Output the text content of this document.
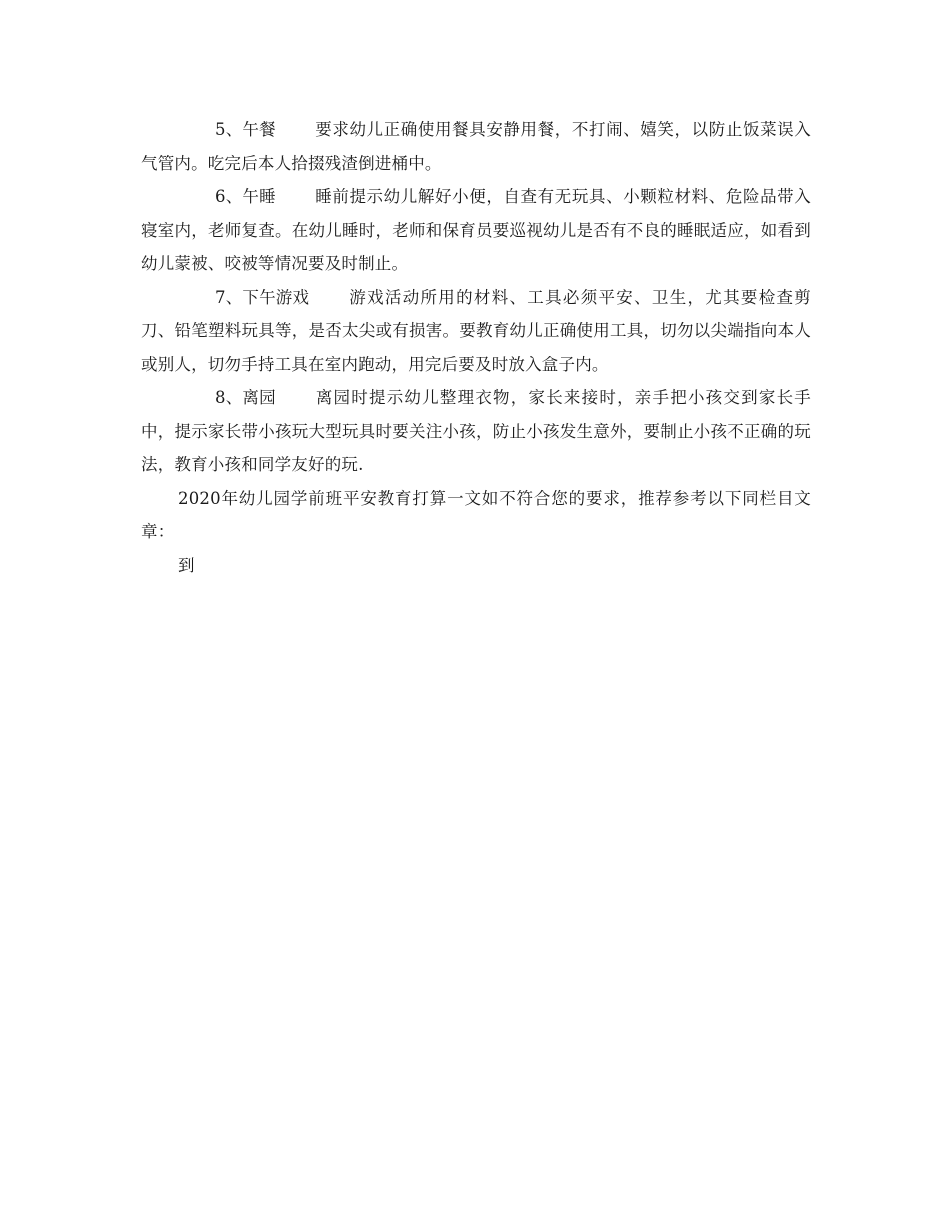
5、午餐 要求幼儿正确使用餐具安静用餐，不打闹、嬉笑，以防止饭菜误入气管内。吃完后本人拾掇残渣倒进桶中。

6、午睡 睡前提示幼儿解好小便，自查有无玩具、小颗粒材料、危险品带入寝室内，老师复查。在幼儿睡时，老师和保育员要巡视幼儿是否有不良的睡眠适应，如看到幼儿蒙被、咬被等情况要及时制止。

7、下午游戏 游戏活动所用的材料、工具必须平安、卫生，尤其要检查剪刀、铅笔塑料玩具等，是否太尖或有损害。要教育幼儿正确使用工具，切勿以尖端指向本人或别人，切勿手持工具在室内跑动，用完后要及时放入盒子内。

8、离园 离园时提示幼儿整理衣物，家长来接时，亲手把小孩交到家长手中，提示家长带小孩玩大型玩具时要关注小孩，防止小孩发生意外，要制止小孩不正确的玩法，教育小孩和同学友好的玩.

2020年幼儿园学前班平安教育打算一文如不符合您的要求，推荐参考以下同栏目文章：

到
